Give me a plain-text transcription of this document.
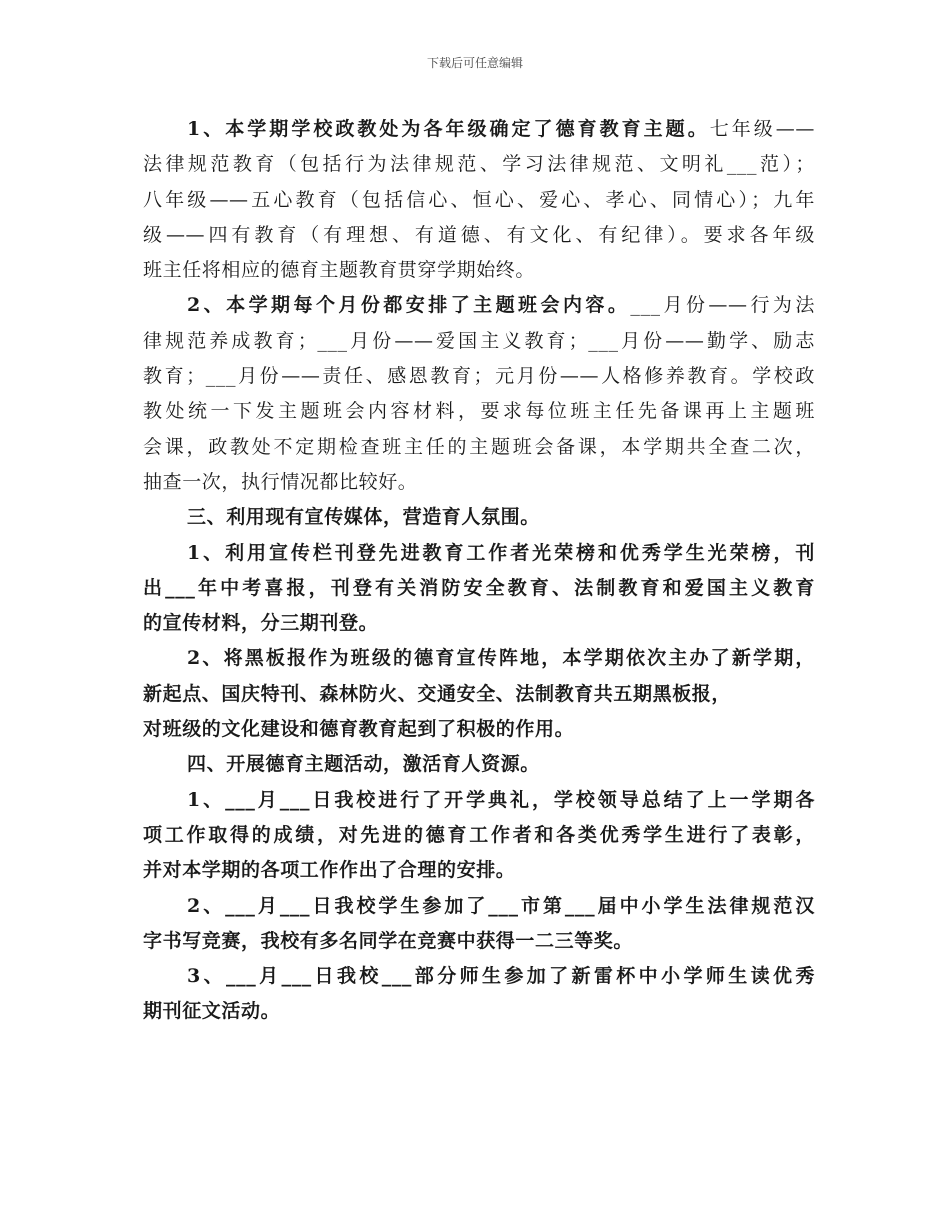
下载后可任意编辑

1、本学期学校政教处为各年级确定了德育教育主题。七年级——
法律规范教育（包括行为法律规范、学习法律规范、文明礼___范）；
八年级——五心教育（包括信心、恒心、爱心、孝心、同情心）；九年
级——四有教育（有理想、有道德、有文化、有纪律）。要求各年级
班主任将相应的德育主题教育贯穿学期始终。

2、本学期每个月份都安排了主题班会内容。___月份——行为法
律规范养成教育；___月份——爱国主义教育；___月份——勤学、励志
教育；___月份——责任、感恩教育；元月份——人格修养教育。学校政
教处统一下发主题班会内容材料，要求每位班主任先备课再上主题班
会课，政教处不定期检查班主任的主题班会备课，本学期共全查二次，
抽查一次，执行情况都比较好。

三、利用现有宣传媒体，营造育人氛围。

1、利用宣传栏刊登先进教育工作者光荣榜和优秀学生光荣榜，刊
出___年中考喜报，刊登有关消防安全教育、法制教育和爱国主义教育
的宣传材料，分三期刊登。

2、将黑板报作为班级的德育宣传阵地，本学期依次主办了新学期，
新起点、国庆特刊、森林防火、交通安全、法制教育共五期黑板报，
对班级的文化建设和德育教育起到了积极的作用。

四、开展德育主题活动，激活育人资源。

1、___月___日我校进行了开学典礼，学校领导总结了上一学期各
项工作取得的成绩，对先进的德育工作者和各类优秀学生进行了表彰，
并对本学期的各项工作作出了合理的安排。

2、___月___日我校学生参加了___市第___届中小学生法律规范汉
字书写竞赛，我校有多名同学在竞赛中获得一二三等奖。

3、___月___日我校___部分师生参加了新雷杯中小学师生读优秀
期刊征文活动。
